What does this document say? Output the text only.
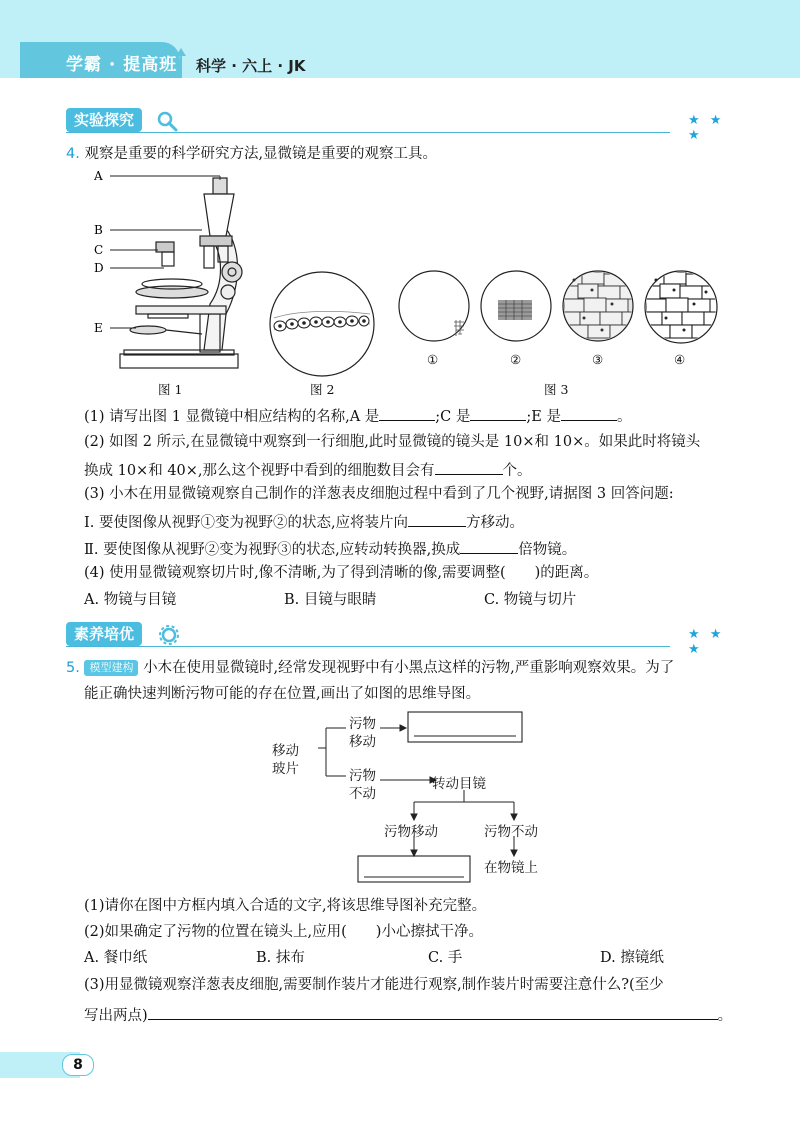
学霸 · 提高班 科学 · 六上 · JK
实验探究	★ ★ ★
4. 观察是重要的科学研究方法,显微镜是重要的观察工具。
A
B
C
D
E
图 1	图 2
①	②	③	④
图 3
(1) 请写出图 1 显微镜中相应结构的名称,A 是	;C 是	;E 是	。
(2) 如图 2 所示,在显微镜中观察到一行细胞,此时显微镜的镜头是 10×和 10×。如果此时将镜头
换成 10×和 40×,那么这个视野中看到的细胞数目会有	个。
(3) 小木在用显微镜观察自己制作的洋葱表皮细胞过程中看到了几个视野,请据图 3 回答问题:
Ⅰ. 要使图像从视野①变为视野②的状态,应将装片向	方移动。
Ⅱ. 要使图像从视野②变为视野③的状态,应转动转换器,换成	倍物镜。
(4) 使用显微镜观察切片时,像不清晰,为了得到清晰的像,需要调整(　　)的距离。
A. 物镜与目镜	B. 目镜与眼睛	C. 物镜与切片
素养培优	★ ★ ★
5. 模型建构 小木在使用显微镜时,经常发现视野中有小黑点这样的污物,严重影响观察效果。为了
能正确快速判断污物可能的存在位置,画出了如图的思维导图。
移动
玻片
污物
移动
污物
不动
转动目镜
污物移动	污物不动
在物镜上
(1)请你在图中方框内填入合适的文字,将该思维导图补充完整。
(2)如果确定了污物的位置在镜头上,应用(　　)小心擦拭干净。
A. 餐巾纸	B. 抹布	C. 手	D. 擦镜纸
(3)用显微镜观察洋葱表皮细胞,需要制作装片才能进行观察,制作装片时需要注意什么?(至少
写出两点)	。
8
